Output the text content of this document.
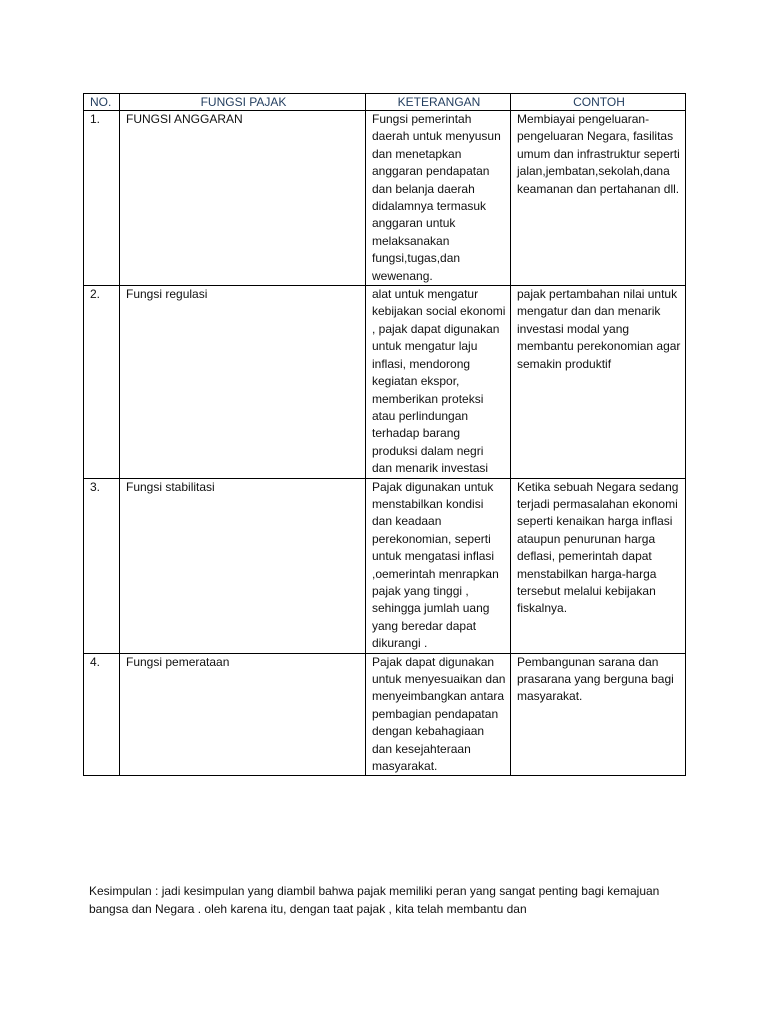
NO.	FUNGSI PAJAK	KETERANGAN	CONTOH
1.	FUNGSI ANGGARAN	Fungsi pemerintah daerah untuk menyusun dan menetapkan anggaran pendapatan dan belanja daerah didalamnya termasuk anggaran untuk melaksanakan fungsi,tugas,dan wewenang.	Membiayai pengeluaran-pengeluaran Negara, fasilitas umum dan infrastruktur seperti jalan,jembatan,sekolah,dana keamanan dan pertahanan dll.
2.	Fungsi regulasi	alat untuk mengatur kebijakan social ekonomi , pajak dapat digunakan untuk mengatur laju inflasi, mendorong kegiatan ekspor, memberikan proteksi atau perlindungan terhadap barang produksi dalam negri dan menarik investasi	pajak pertambahan nilai untuk mengatur dan dan menarik investasi modal yang membantu perekonomian agar semakin produktif
3.	Fungsi stabilitasi	Pajak digunakan untuk menstabilkan kondisi dan keadaan perekonomian, seperti untuk mengatasi inflasi ,oemerintah menrapkan pajak yang tinggi , sehingga jumlah uang yang beredar dapat dikurangi .	Ketika sebuah Negara sedang terjadi permasalahan ekonomi seperti kenaikan harga inflasi ataupun penurunan harga deflasi, pemerintah dapat menstabilkan harga-harga tersebut melalui kebijakan fiskalnya.
4.	Fungsi pemerataan	Pajak dapat digunakan untuk menyesuaikan dan menyeimbangkan antara pembagian pendapatan dengan kebahagiaan dan kesejahteraan masyarakat.	Pembangunan sarana dan prasarana yang berguna bagi masyarakat.

Kesimpulan : jadi kesimpulan yang diambil bahwa pajak memiliki peran yang sangat penting bagi kemajuan bangsa dan Negara . oleh karena itu, dengan taat pajak , kita telah membantu dan
